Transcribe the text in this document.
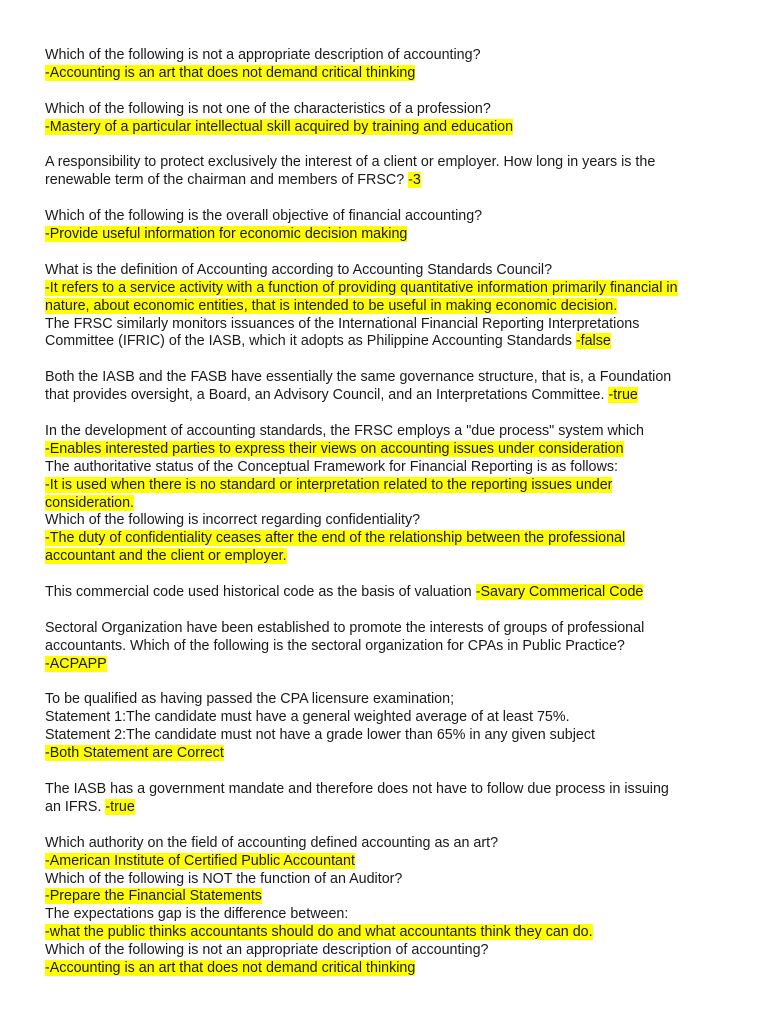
Which of the following is not a appropriate description of accounting?
-Accounting is an art that does not demand critical thinking
Which of the following is not one of the characteristics of a profession?
-Mastery of a particular intellectual skill acquired by training and education
A responsibility to protect exclusively the interest of a client or employer. How long in years is the
renewable term of the chairman and members of FRSC? -3
Which of the following is the overall objective of financial accounting?
-Provide useful information for economic decision making
What is the definition of Accounting according to Accounting Standards Council?
-It refers to a service activity with a function of providing quantitative information primarily financial in
nature, about economic entities, that is intended to be useful in making economic decision.
The FRSC similarly monitors issuances of the International Financial Reporting Interpretations
Committee (IFRIC) of the IASB, which it adopts as Philippine Accounting Standards -false
Both the IASB and the FASB have essentially the same governance structure, that is, a Foundation
that provides oversight, a Board, an Advisory Council, and an Interpretations Committee. -true
In the development of accounting standards, the FRSC employs a "due process" system which
-Enables interested parties to express their views on accounting issues under consideration
The authoritative status of the Conceptual Framework for Financial Reporting is as follows:
-It is used when there is no standard or interpretation related to the reporting issues under
consideration.
Which of the following is incorrect regarding confidentiality?
-The duty of confidentiality ceases after the end of the relationship between the professional
accountant and the client or employer.
This commercial code used historical code as the basis of valuation -Savary Commerical Code
Sectoral Organization have been established to promote the interests of groups of professional
accountants. Which of the following is the sectoral organization for CPAs in Public Practice?
-ACPAPP
To be qualified as having passed the CPA licensure examination;
Statement 1:The candidate must have a general weighted average of at least 75%.
Statement 2:The candidate must not have a grade lower than 65% in any given subject
-Both Statement are Correct
The IASB has a government mandate and therefore does not have to follow due process in issuing
an IFRS. -true
Which authority on the field of accounting defined accounting as an art?
-American Institute of Certified Public Accountant
Which of the following is NOT the function of an Auditor?
-Prepare the Financial Statements
The expectations gap is the difference between:
-what the public thinks accountants should do and what accountants think they can do.
Which of the following is not an appropriate description of accounting?
-Accounting is an art that does not demand critical thinking
